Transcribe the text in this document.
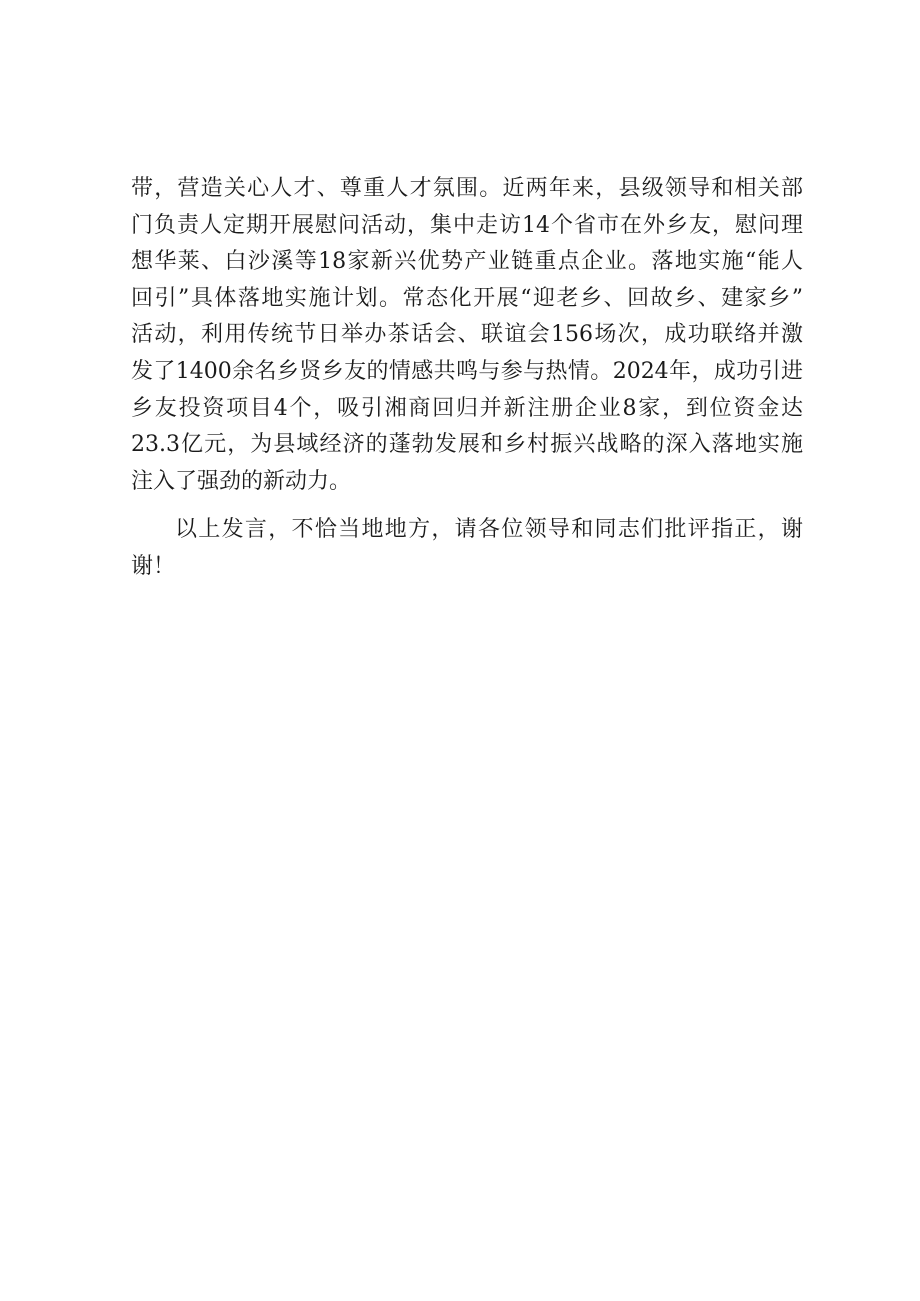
带，营造关心人才、尊重人才氛围。近两年来，县级领导和相关部
门负责人定期开展慰问活动，集中走访14个省市在外乡友，慰问理
想华莱、白沙溪等18家新兴优势产业链重点企业。落地实施“能人
回引”具体落地实施计划。常态化开展“迎老乡、回故乡、建家乡”
活动，利用传统节日举办茶话会、联谊会156场次，成功联络并激
发了1400余名乡贤乡友的情感共鸣与参与热情。2024年，成功引进
乡友投资项目4个，吸引湘商回归并新注册企业8家，到位资金达
23.3亿元，为县域经济的蓬勃发展和乡村振兴战略的深入落地实施
注入了强劲的新动力。
以上发言，不恰当地地方，请各位领导和同志们批评指正，谢
谢！
